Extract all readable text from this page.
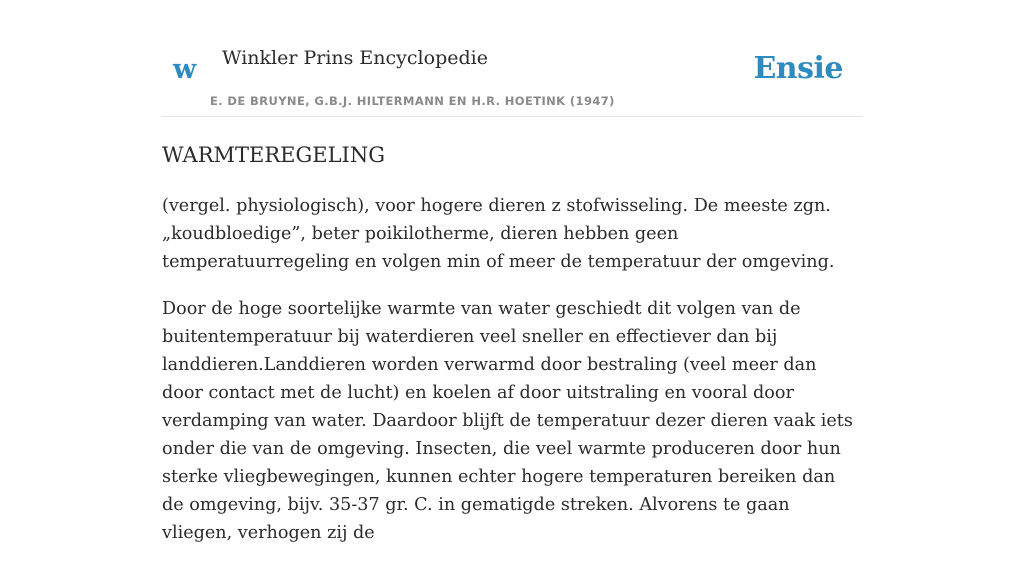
w Winkler Prins Encyclopedie
E. DE BRUYNE, G.B.J. HILTERMANN EN H.R. HOETINK (1947)
Ensie
WARMTEREGELING

(vergel. physiologisch), voor hogere dieren z stofwisseling. De meeste zgn. „koudbloedige”, beter poikilotherme, dieren hebben geen temperatuurregeling en volgen min of meer de temperatuur der omgeving.

Door de hoge soortelijke warmte van water geschiedt dit volgen van de buitentemperatuur bij waterdieren veel sneller en effectiever dan bij landdieren.Landdieren worden verwarmd door bestraling (veel meer dan door contact met de lucht) en koelen af door uitstraling en vooral door verdamping van water. Daardoor blijft de temperatuur dezer dieren vaak iets onder die van de omgeving. Insecten, die veel warmte produceren door hun sterke vliegbewegingen, kunnen echter hogere temperaturen bereiken dan de omgeving, bijv. 35-37 gr. C. in gematigde streken. Alvorens te gaan vliegen, verhogen zij de
